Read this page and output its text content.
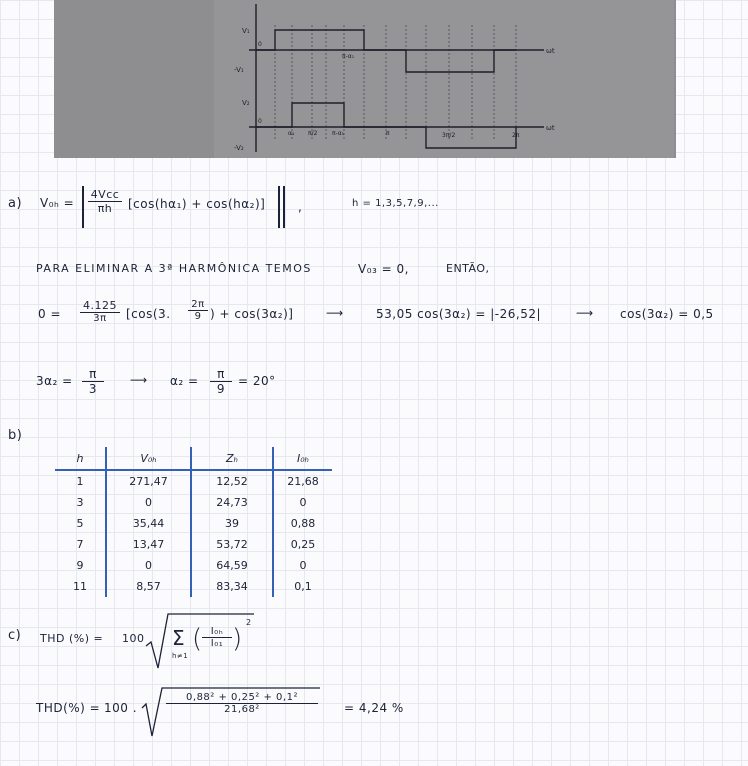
V₁
-V₁
V₂
-V₂
ωt
ωt
0
0
π-α₁
α₁ π/2 π-α₁	π	3π/2	2π
a) V₀ₕ =
4Vcc
πh	[cos(hα₁) + cos(hα₂)]	,	h = 1,3,5,7,9,...
PARA ELIMINAR A 3ª HARMÔNICA TEMOS	V₀₃ = 0,	ENTÃO,
0 =
4.125
3π	[cos(3.
2π
9 ) + cos(3α₂)]	⟶	53,05 cos(3α₂) = |-26,52|	⟶ cos(3α₂) = 0,5
3α₂ =	π
3
⟶ α₂ =	π
9
= 20°
b)
h	V₀ₕ	Zₕ	I₀ₕ
1	271,47	12,52	21,68
3	0	24,73	0
5	35,44	39	0,88
7	13,47	53,72	0,25
9	0	64,59	0
11	8,57	83,34	0,1
c) THD (%) = 100 Σ
h≠1
( I₀ₕ
I₀₁ )
2
THD(%) = 100 .
0,88² + 0,25² + 0,1²
21,68²	= 4,24 %
